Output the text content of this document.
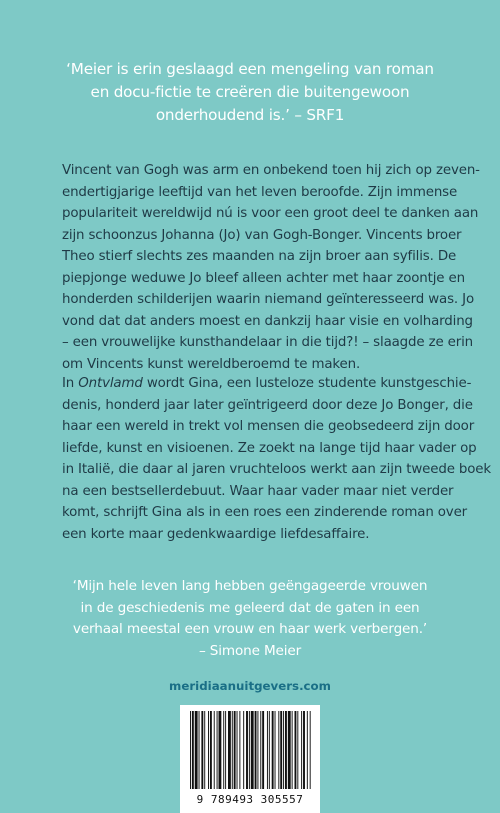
‘Meier is erin geslaagd een mengeling van roman
en docu-fictie te creëren die buitengewoon
onderhoudend is.’ – SRF1
Vincent van Gogh was arm en onbekend toen hij zich op zeven-
endertigjarige leeftijd van het leven beroofde. Zijn immense
populariteit wereldwijd nú is voor een groot deel te danken aan
zijn schoonzus Johanna (Jo) van Gogh-Bonger. Vincents broer
Theo stierf slechts zes maanden na zijn broer aan syfilis. De
piepjonge weduwe Jo bleef alleen achter met haar zoontje en
honderden schilderijen waarin niemand geïnteresseerd was. Jo
vond dat dat anders moest en dankzij haar visie en volharding
– een vrouwelijke kunsthandelaar in die tijd?! – slaagde ze erin
om Vincents kunst wereldberoemd te maken.
In Ontvlamd wordt Gina, een lusteloze studente kunstgeschie-
denis, honderd jaar later geïntrigeerd door deze Jo Bonger, die
haar een wereld in trekt vol mensen die geobsedeerd zijn door
liefde, kunst en visioenen. Ze zoekt na lange tijd haar vader op
in Italië, die daar al jaren vruchteloos werkt aan zijn tweede boek
na een bestsellerdebuut. Waar haar vader maar niet verder
komt, schrijft Gina als in een roes een zinderende roman over
een korte maar gedenkwaardige liefdesaffaire.
‘Mijn hele leven lang hebben geëngageerde vrouwen
in de geschiedenis me geleerd dat de gaten in een
verhaal meestal een vrouw en haar werk verbergen.’
– Simone Meier
meridiaanuitgevers.com
9 789493 305557
